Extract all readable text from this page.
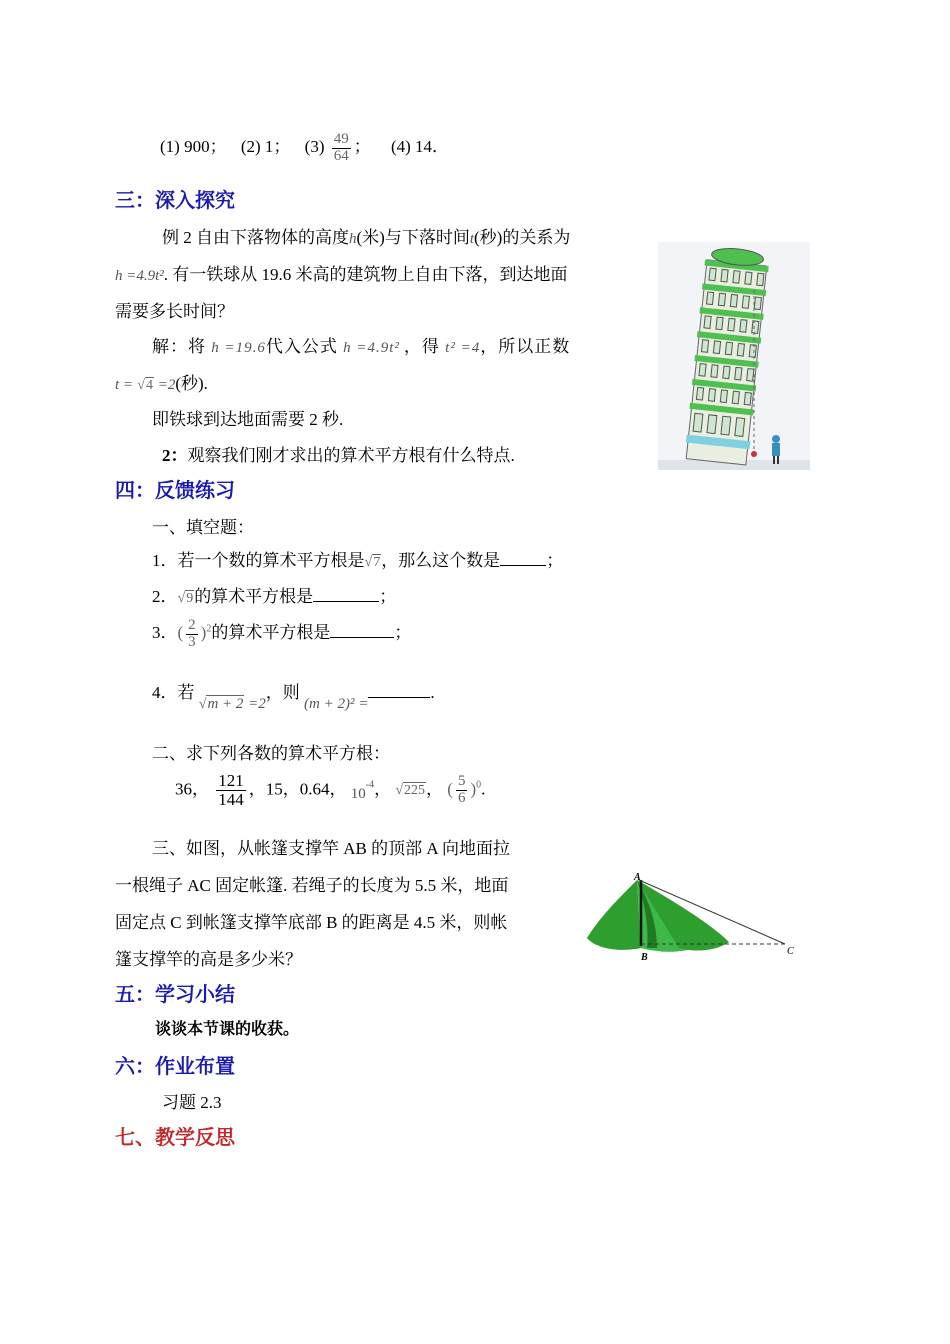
(1) 900； (2) 1； $(3) \frac{49}{64}$ ； (4) 14．
三：深入探究
例 2 自由下落物体的高度h(米)与下落时间t(秒)的关系为
h =4.9t². 有一铁球从 19.6 米高的建筑物上自由下落，到达地面
需要多长时间？
解：将 h =19.6代入公式 h =4.9t² ，得 t² =4，所以正数
t = √4 =2(秒).
即铁球到达地面需要 2 秒.
2：观察我们刚才求出的算术平方根有什么特点.
四：反馈练习
一、填空题：
1．若一个数的算术平方根是√7，那么这个数是	；
2．√9的算术平方根是	；
3．( $\frac{2}{3} )^2$的算术平方根是	；
4．若 √m + 2 =2，则 (m + 2)² =.
二、求下列各数的算术平方根：
36， $\frac{121}{144}$ ，15，0.64， $10^{-4}$， √225， ( $\frac{5}{6} )^0$.
三、如图，从帐篷支撑竿 AB 的顶部 A 向地面拉
一根绳子 AC 固定帐篷. 若绳子的长度为 5.5 米，地面
固定点 C 到帐篷支撑竿底部 B 的距离是 4.5 米，则帐
篷支撑竿的高是多少米？
A
B
C
五：学习小结
谈谈本节课的收获。
六：作业布置
习题 2.3
七、教学反思
